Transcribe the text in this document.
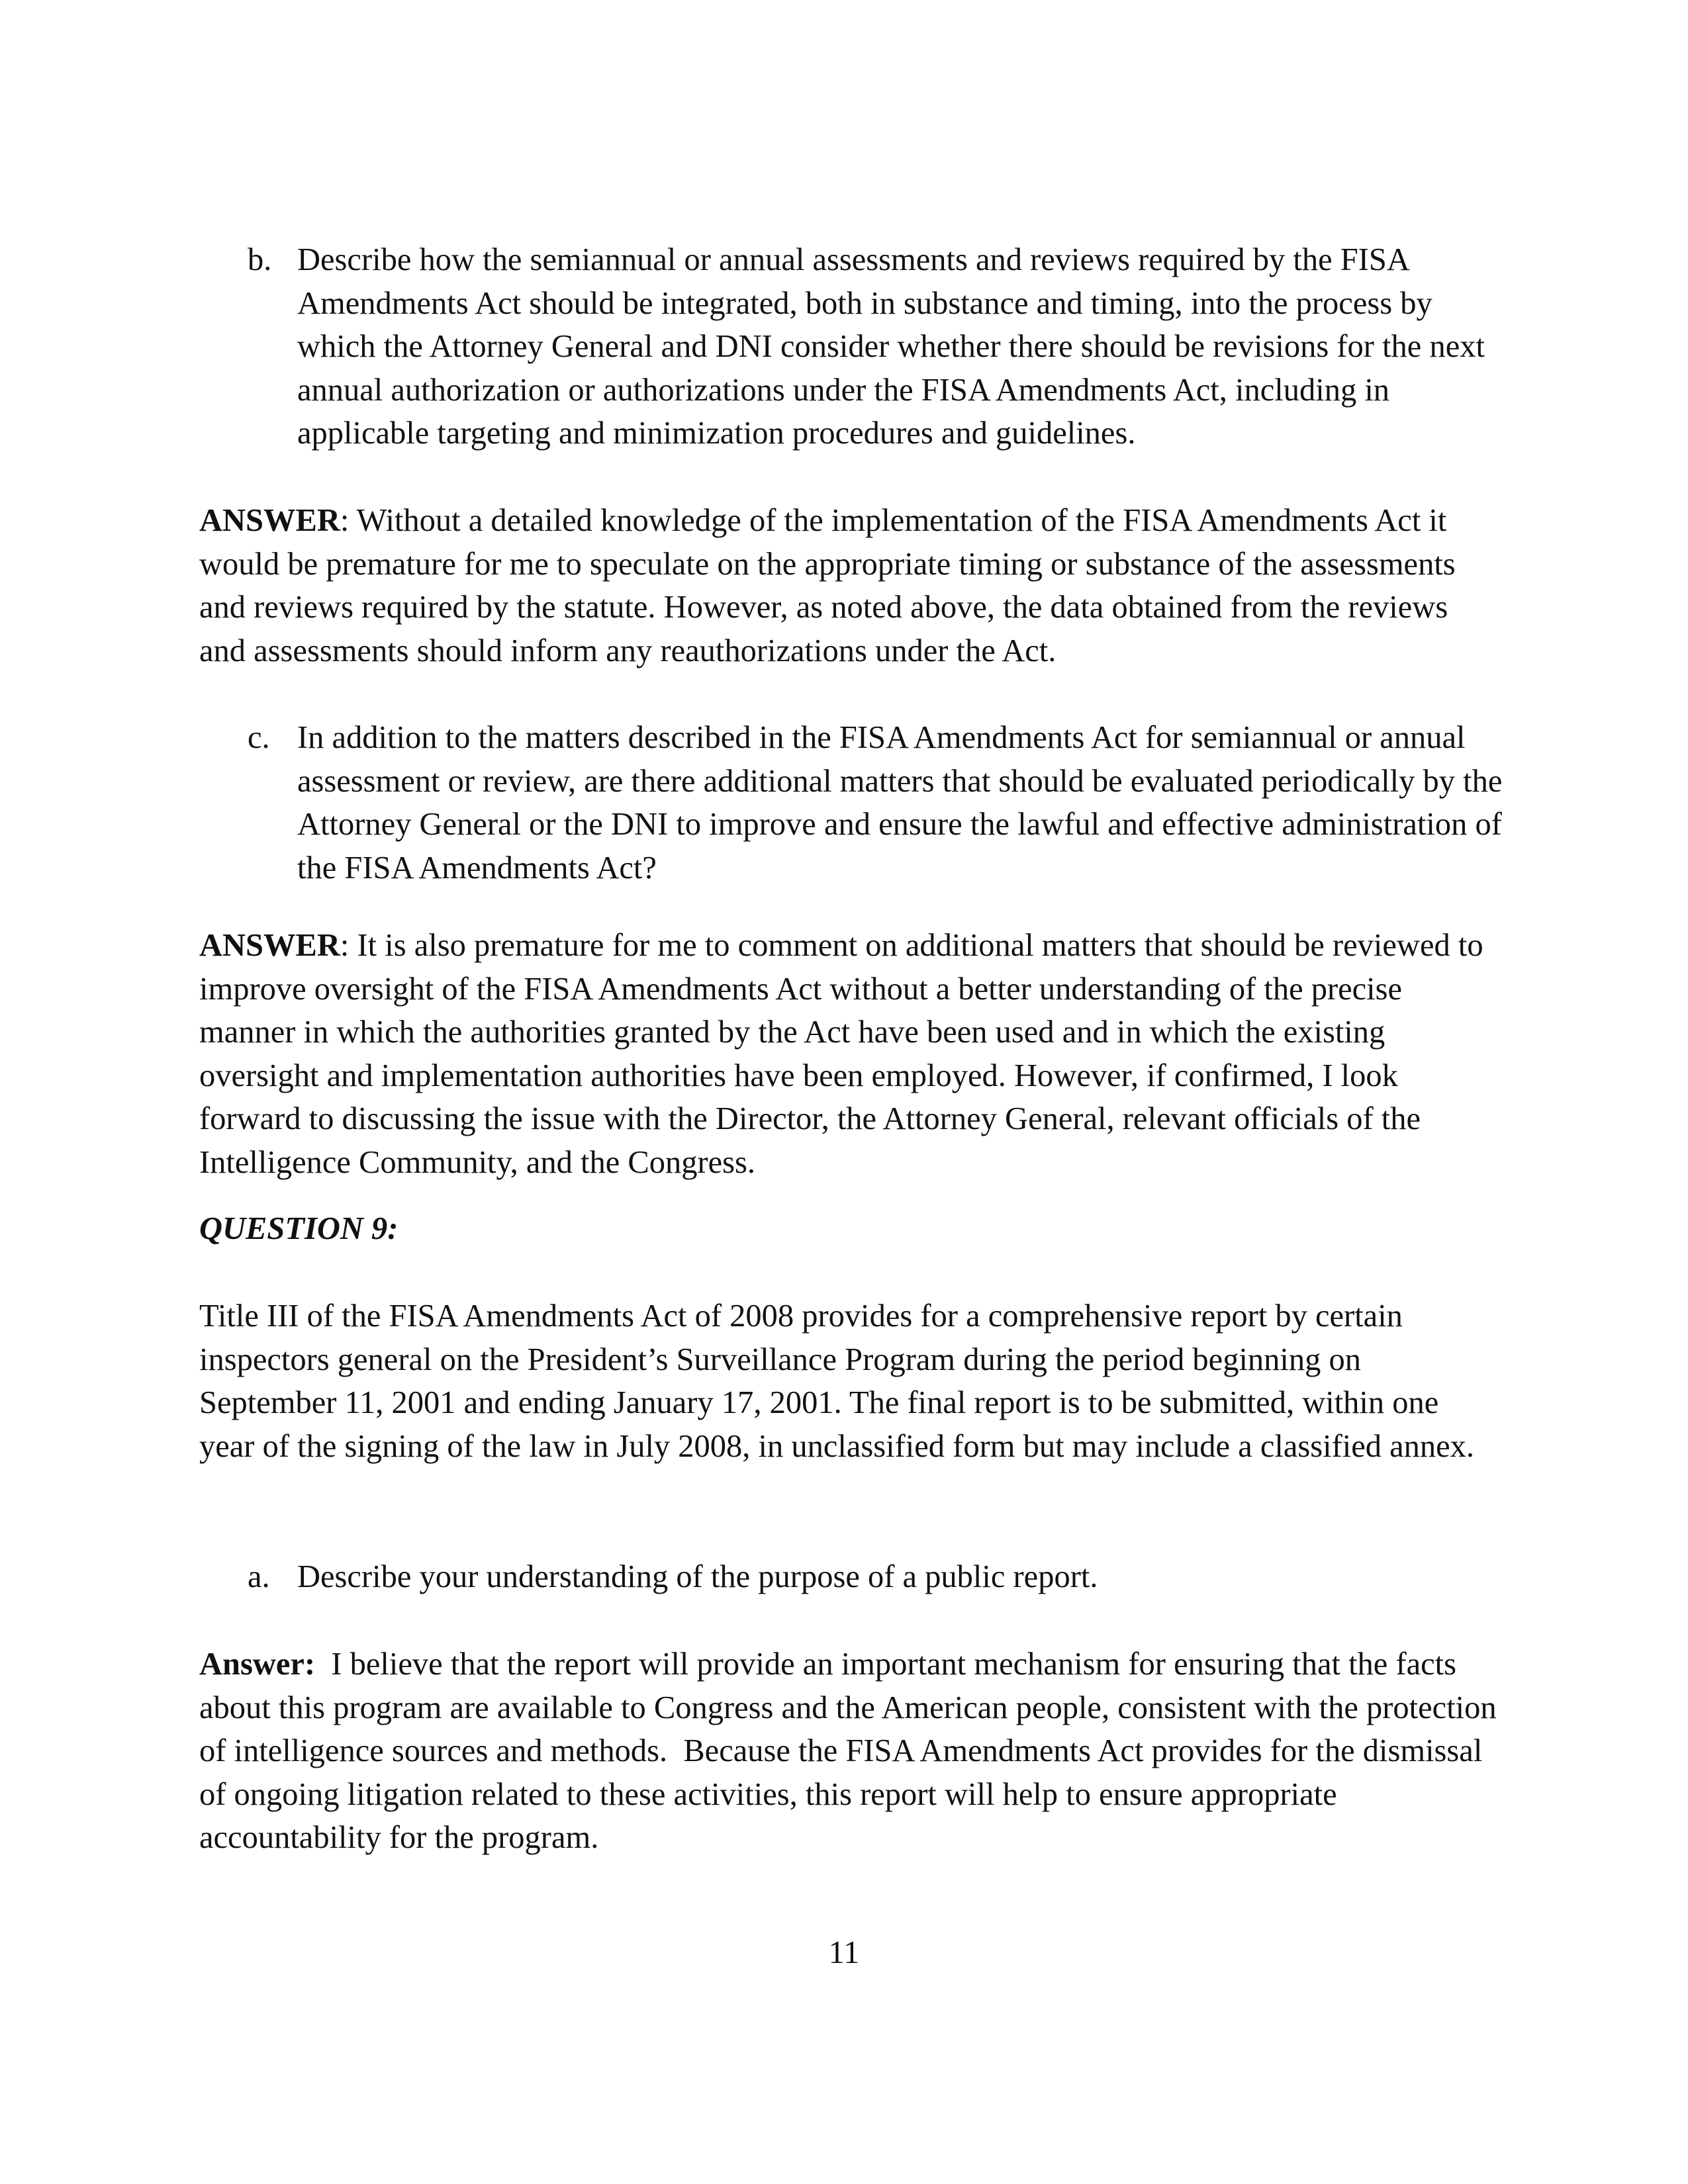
b. Describe how the semiannual or annual assessments and reviews required by the FISA Amendments Act should be integrated, both in substance and timing, into the process by which the Attorney General and DNI consider whether there should be revisions for the next annual authorization or authorizations under the FISA Amendments Act, including in applicable targeting and minimization procedures and guidelines.

ANSWER: Without a detailed knowledge of the implementation of the FISA Amendments Act it would be premature for me to speculate on the appropriate timing or substance of the assessments and reviews required by the statute. However, as noted above, the data obtained from the reviews and assessments should inform any reauthorizations under the Act.

c. In addition to the matters described in the FISA Amendments Act for semiannual or annual assessment or review, are there additional matters that should be evaluated periodically by the Attorney General or the DNI to improve and ensure the lawful and effective administration of the FISA Amendments Act?

ANSWER: It is also premature for me to comment on additional matters that should be reviewed to improve oversight of the FISA Amendments Act without a better understanding of the precise manner in which the authorities granted by the Act have been used and in which the existing oversight and implementation authorities have been employed. However, if confirmed, I look forward to discussing the issue with the Director, the Attorney General, relevant officials of the Intelligence Community, and the Congress.

QUESTION 9:

Title III of the FISA Amendments Act of 2008 provides for a comprehensive report by certain inspectors general on the President’s Surveillance Program during the period beginning on September 11, 2001 and ending January 17, 2001. The final report is to be submitted, within one year of the signing of the law in July 2008, in unclassified form but may include a classified annex.

a. Describe your understanding of the purpose of a public report.

Answer:  I believe that the report will provide an important mechanism for ensuring that the facts about this program are available to Congress and the American people, consistent with the protection of intelligence sources and methods.  Because the FISA Amendments Act provides for the dismissal of ongoing litigation related to these activities, this report will help to ensure appropriate accountability for the program.

11
